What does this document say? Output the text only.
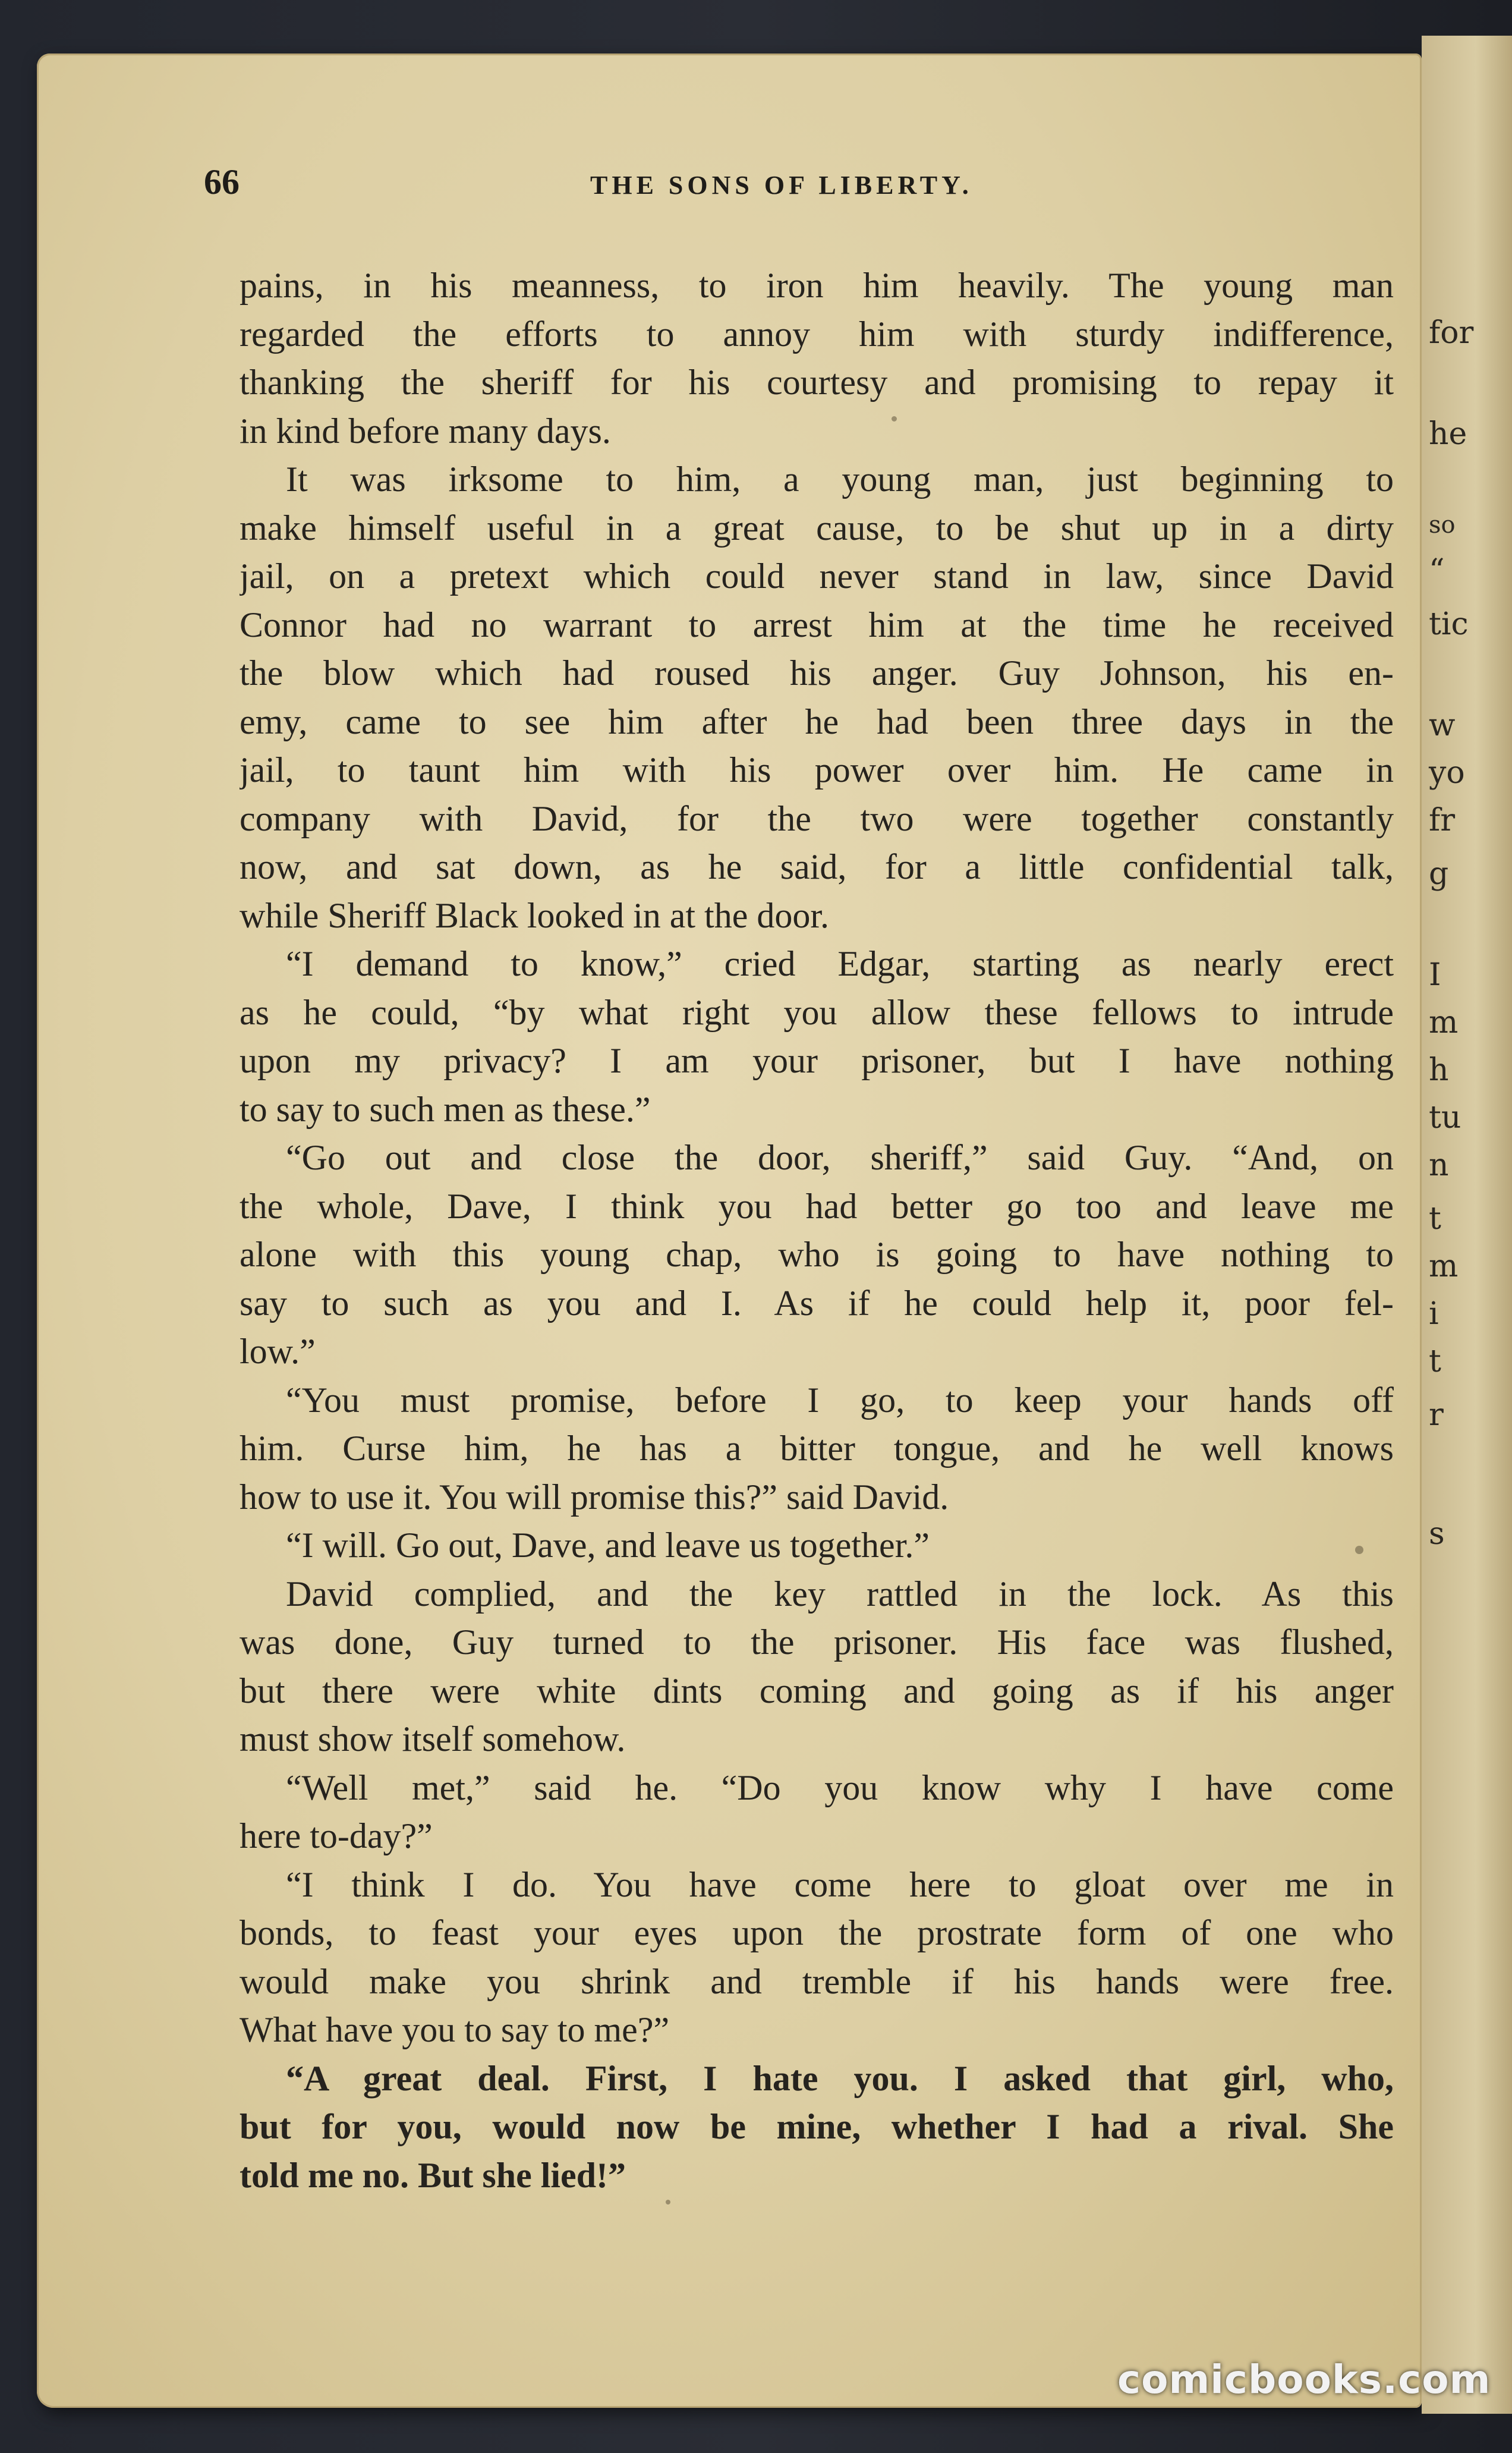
for
he
so
“
tic
w
yo
fr
g
I
m
h
tu
n
t
m
i
t
r
s
66	THE SONS OF LIBERTY.
pains, in his meanness, to iron him heavily. The young man
regarded the efforts to annoy him with sturdy indifference,
thanking the sheriff for his courtesy and promising to repay it
in kind before many days.
It was irksome to him, a young man, just beginning to
make himself useful in a great cause, to be shut up in a dirty
jail, on a pretext which could never stand in law, since David
Connor had no warrant to arrest him at the time he received
the blow which had roused his anger. Guy Johnson, his en-
emy, came to see him after he had been three days in the
jail, to taunt him with his power over him. He came in
company with David, for the two were together constantly
now, and sat down, as he said, for a little confidential talk,
while Sheriff Black looked in at the door.
“I demand to know,” cried Edgar, starting as nearly erect
as he could, “by what right you allow these fellows to intrude
upon my privacy? I am your prisoner, but I have nothing
to say to such men as these.”
“Go out and close the door, sheriff,” said Guy. “And, on
the whole, Dave, I think you had better go too and leave me
alone with this young chap, who is going to have nothing to
say to such as you and I. As if he could help it, poor fel-
low.”
“You must promise, before I go, to keep your hands off
him. Curse him, he has a bitter tongue, and he well knows
how to use it. You will promise this?” said David.
“I will. Go out, Dave, and leave us together.”
David complied, and the key rattled in the lock. As this
was done, Guy turned to the prisoner. His face was flushed,
but there were white dints coming and going as if his anger
must show itself somehow.
“Well met,” said he. “Do you know why I have come
here to-day?”
“I think I do. You have come here to gloat over me in
bonds, to feast your eyes upon the prostrate form of one who
would make you shrink and tremble if his hands were free.
What have you to say to me?”
“A great deal. First, I hate you. I asked that girl, who,
but for you, would now be mine, whether I had a rival. She
told me no. But she lied!”
comicbooks.com
